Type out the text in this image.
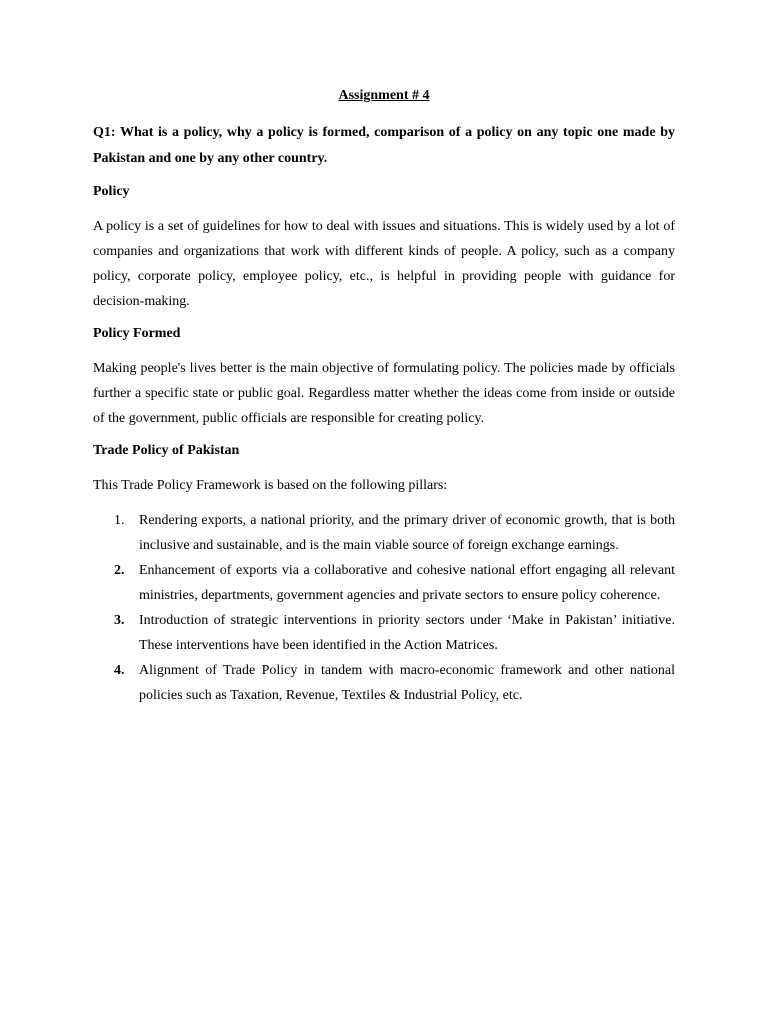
Assignment # 4
Q1: What is a policy, why a policy is formed, comparison of a policy on any topic one made by Pakistan and one by any other country.
Policy
A policy is a set of guidelines for how to deal with issues and situations. This is widely used by a lot of companies and organizations that work with different kinds of people. A policy, such as a company policy, corporate policy, employee policy, etc., is helpful in providing people with guidance for decision-making.
Policy Formed
Making people's lives better is the main objective of formulating policy. The policies made by officials further a specific state or public goal. Regardless matter whether the ideas come from inside or outside of the government, public officials are responsible for creating policy.
Trade Policy of Pakistan
This Trade Policy Framework is based on the following pillars:
1.	Rendering exports, a national priority, and the primary driver of economic growth, that is both inclusive and sustainable, and is the main viable source of foreign exchange earnings.
2.	Enhancement of exports via a collaborative and cohesive national effort engaging all relevant ministries, departments, government agencies and private sectors to ensure policy coherence.
3.	Introduction of strategic interventions in priority sectors under ‘Make in Pakistan’ initiative. These interventions have been identified in the Action Matrices.
4.	Alignment of Trade Policy in tandem with macro-economic framework and other national policies such as Taxation, Revenue, Textiles & Industrial Policy, etc.
